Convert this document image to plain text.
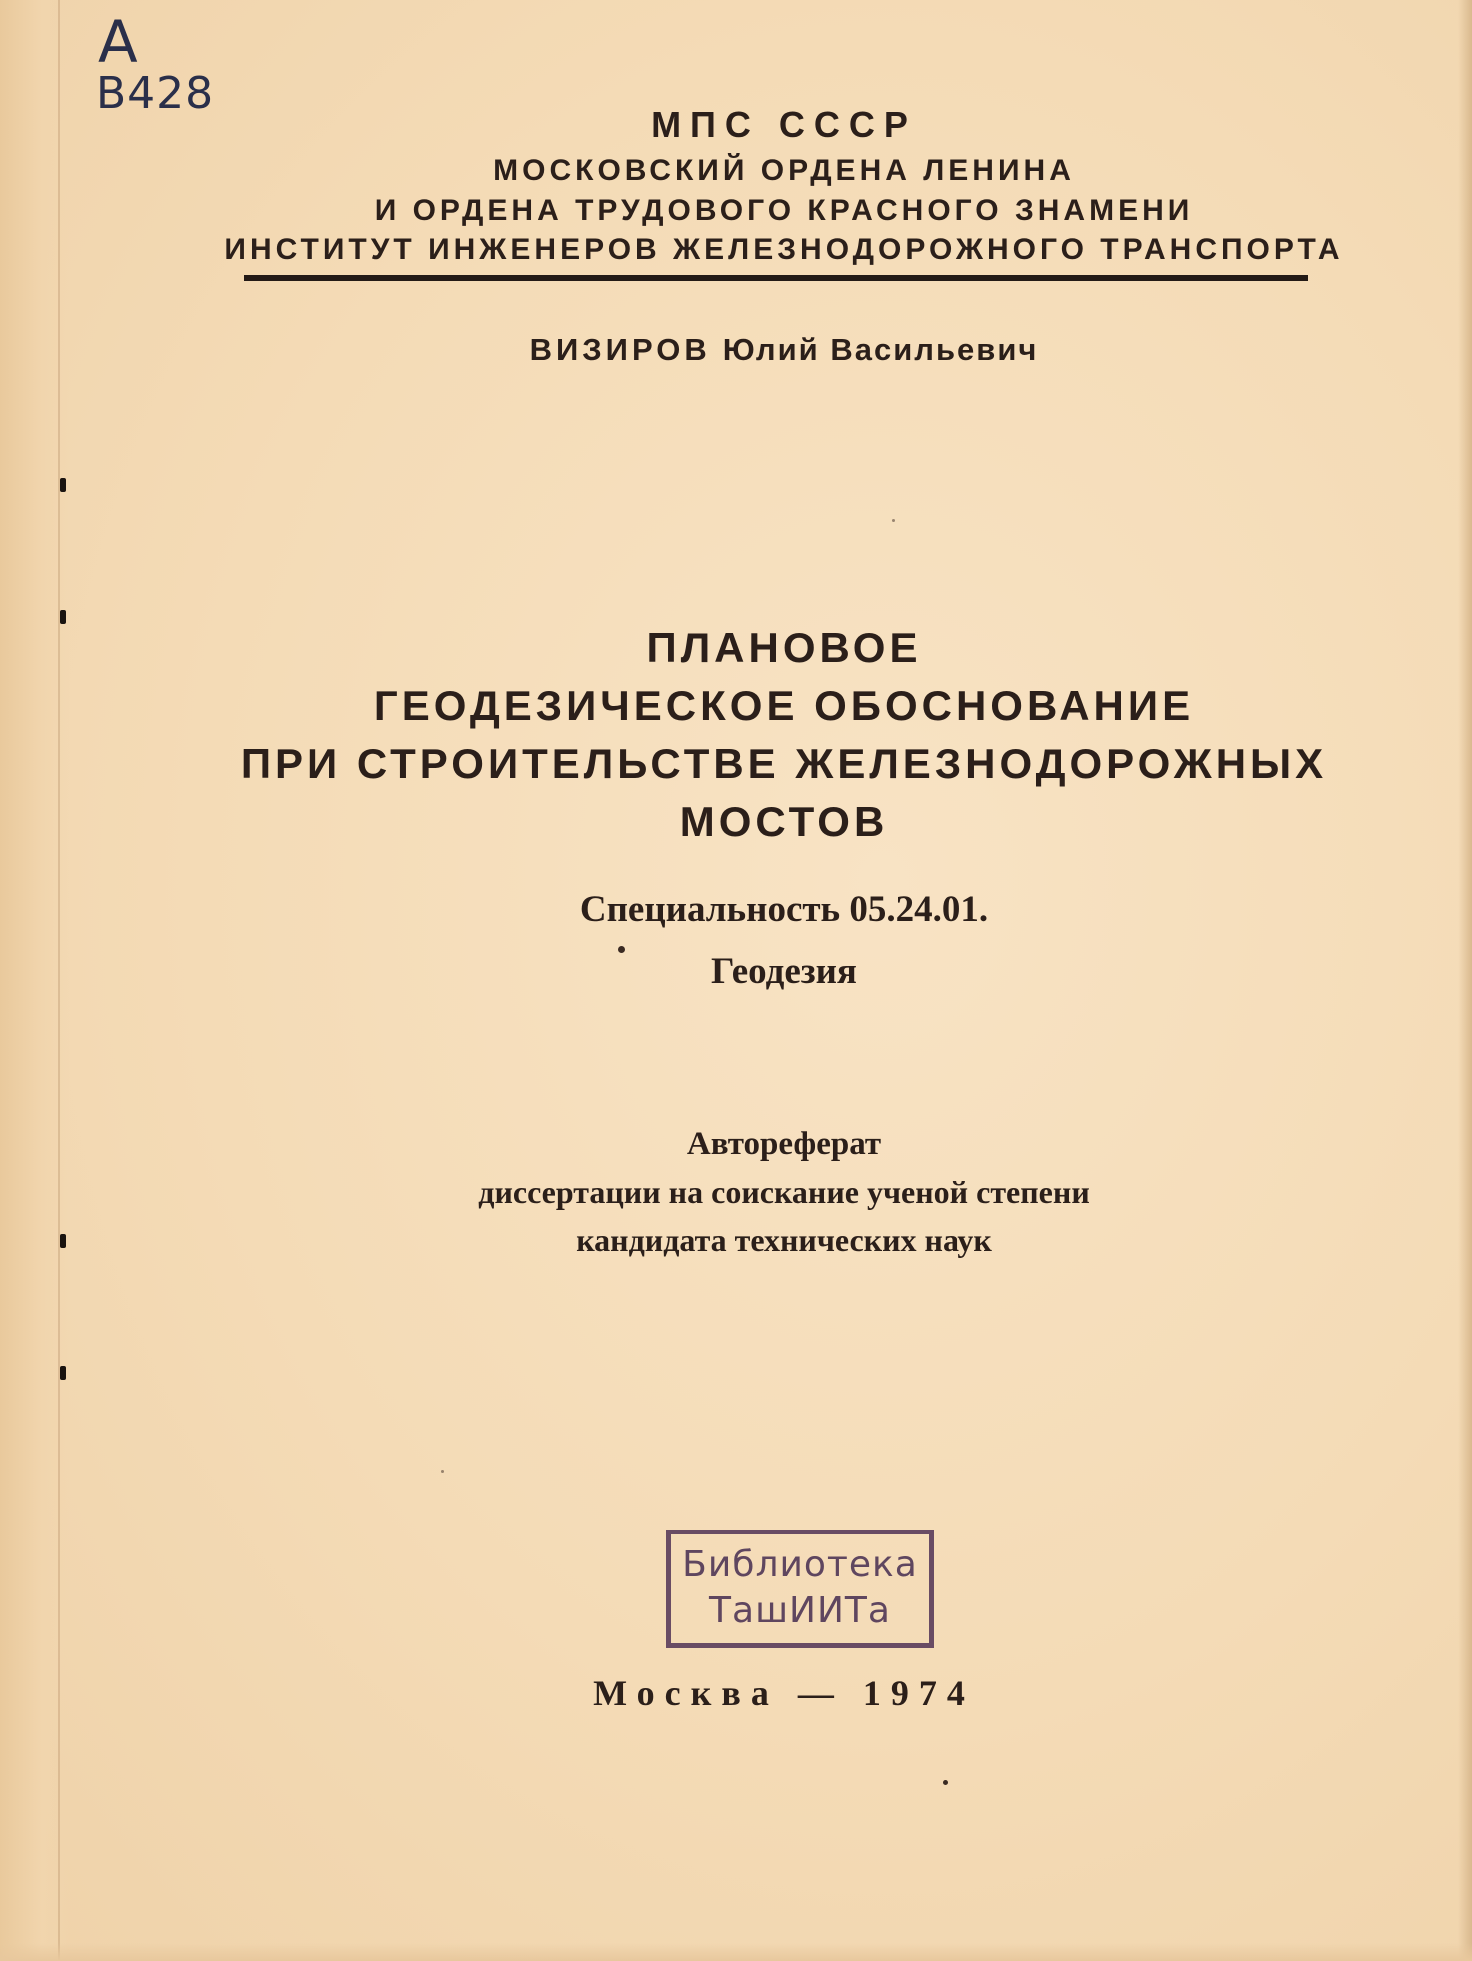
А
В428
МПС СССР
МОСКОВСКИЙ ОРДЕНА ЛЕНИНА
И ОРДЕНА ТРУДОВОГО КРАСНОГО ЗНАМЕНИ
ИНСТИТУТ ИНЖЕНЕРОВ ЖЕЛЕЗНОДОРОЖНОГО ТРАНСПОРТА
ВИЗИРОВ Юлий Васильевич
ПЛАНОВОЕ
ГЕОДЕЗИЧЕСКОЕ ОБОСНОВАНИЕ
ПРИ СТРОИТЕЛЬСТВЕ ЖЕЛЕЗНОДОРОЖНЫХ
МОСТОВ
Специальность 05.24.01.
Геодезия
Автореферат
диссертации на соискание ученой степени
кандидата технических наук
Библиотека
ТашИИТа
Москва — 1974
